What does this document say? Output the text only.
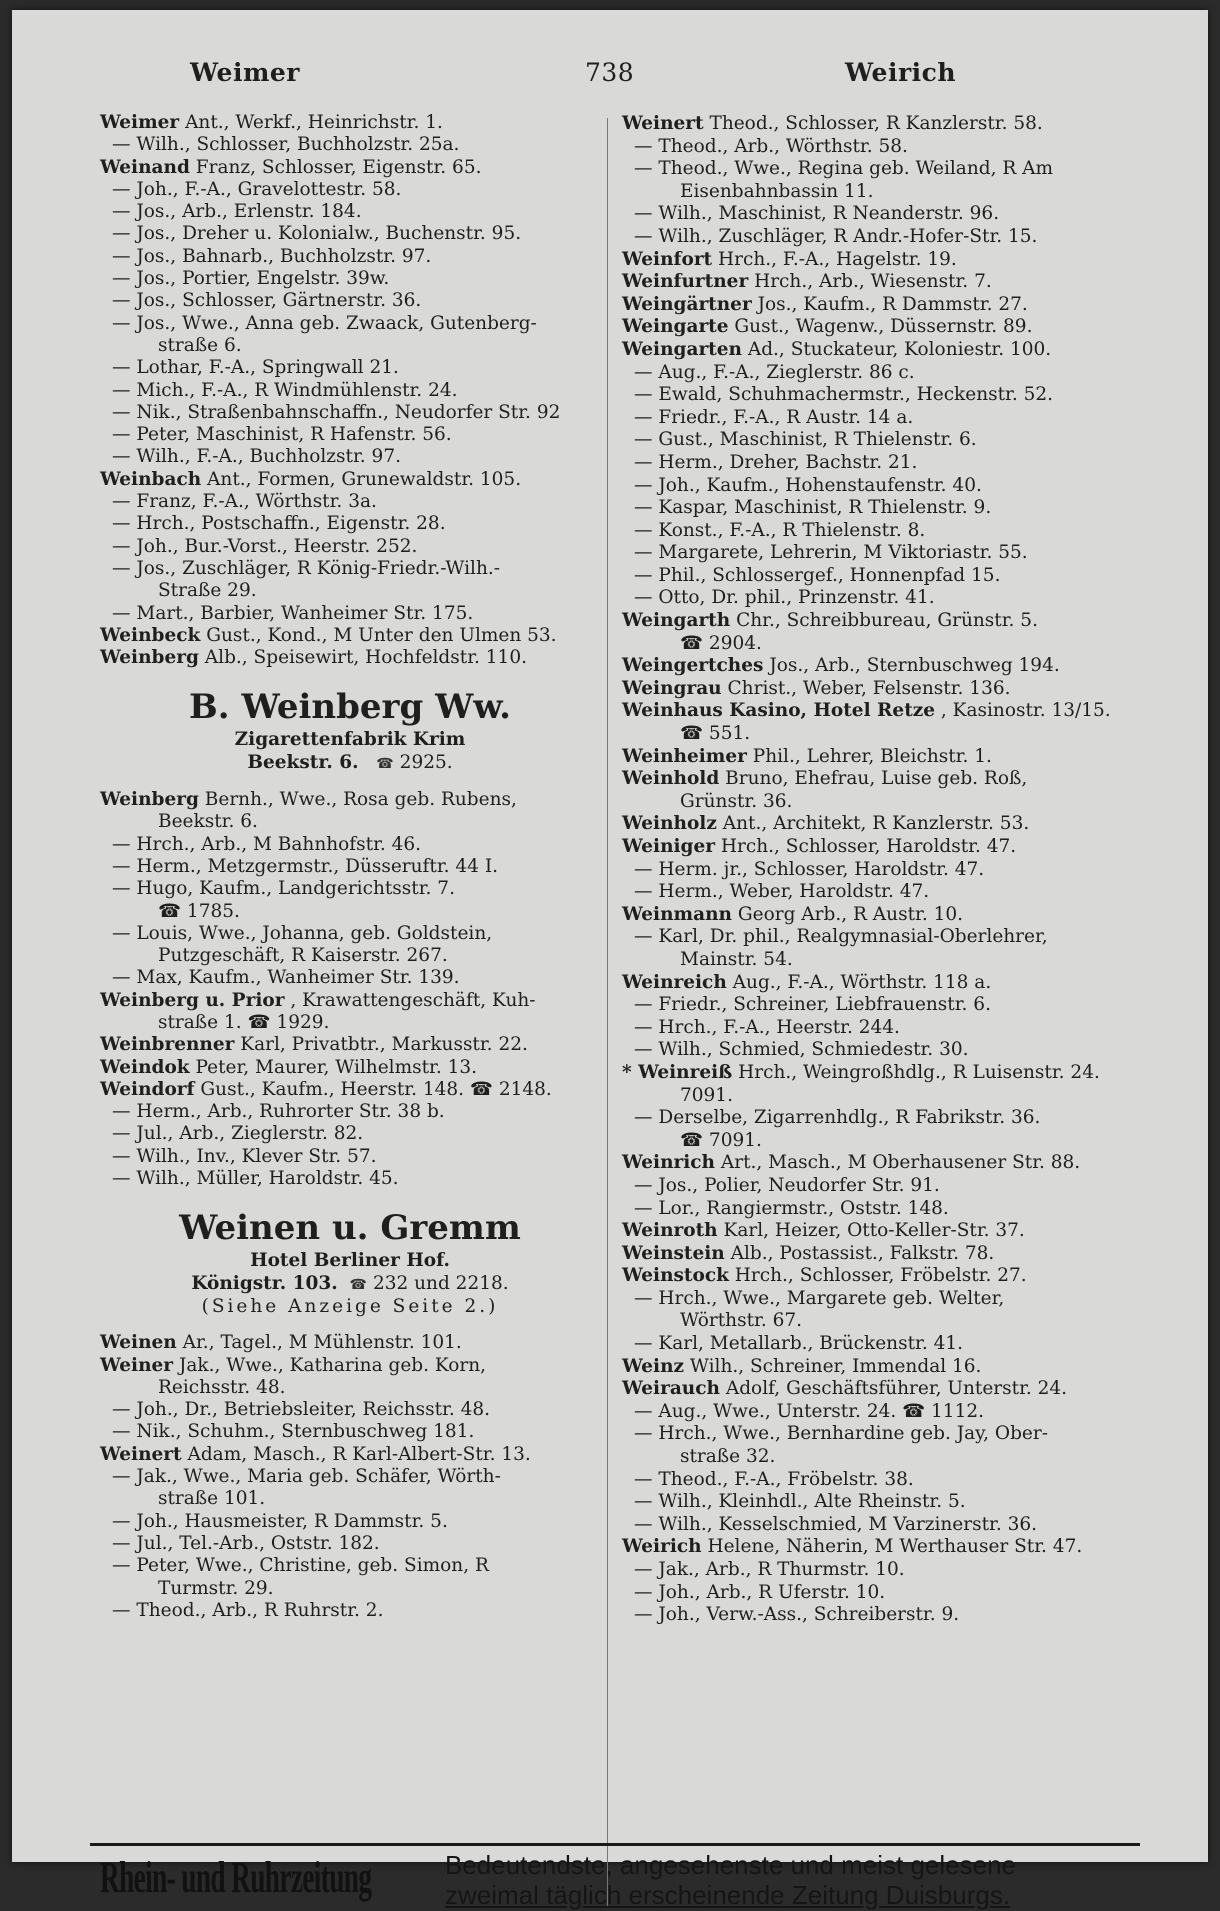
Weimer	738	Weirich
Weimer Ant., Werkf., Heinrichstr. 1.
— Wilh., Schlosser, Buchholzstr. 25a.
Weinand Franz, Schlosser, Eigenstr. 65.
— Joh., F.-A., Gravelottestr. 58.
— Jos., Arb., Erlenstr. 184.
— Jos., Dreher u. Kolonialw., Buchenstr. 95.
— Jos., Bahnarb., Buchholzstr. 97.
— Jos., Portier, Engelstr. 39w.
— Jos., Schlosser, Gärtnerstr. 36.
— Jos., Wwe., Anna geb. Zwaack, Gutenberg-
straße 6.
— Lothar, F.-A., Springwall 21.
— Mich., F.-A., R Windmühlenstr. 24.
— Nik., Straßenbahnschaffn., Neudorfer Str. 92
— Peter, Maschinist, R Hafenstr. 56.
— Wilh., F.-A., Buchholzstr. 97.
Weinbach Ant., Formen, Grunewaldstr. 105.
— Franz, F.-A., Wörthstr. 3a.
— Hrch., Postschaffn., Eigenstr. 28.
— Joh., Bur.-Vorst., Heerstr. 252.
— Jos., Zuschläger, R König-Friedr.-Wilh.-
Straße 29.
— Mart., Barbier, Wanheimer Str. 175.
Weinbeck Gust., Kond., M Unter den Ulmen 53.
Weinberg Alb., Speisewirt, Hochfeldstr. 110.
B. Weinberg Ww.
Zigarettenfabrik Krim
Beekstr. 6. ☎ 2925.
Weinberg Bernh., Wwe., Rosa geb. Rubens,
Beekstr. 6.
— Hrch., Arb., M Bahnhofstr. 46.
— Herm., Metzgermstr., Düsseruftr. 44 I.
— Hugo, Kaufm., Landgerichtsstr. 7.
☎ 1785.
— Louis, Wwe., Johanna, geb. Goldstein,
Putzgeschäft, R Kaiserstr. 267.
— Max, Kaufm., Wanheimer Str. 139.
Weinberg u. Prior , Krawattengeschäft, Kuh-
straße 1. ☎ 1929.
Weinbrenner Karl, Privatbtr., Markusstr. 22.
Weindok Peter, Maurer, Wilhelmstr. 13.
Weindorf Gust., Kaufm., Heerstr. 148. ☎ 2148.
— Herm., Arb., Ruhrorter Str. 38 b.
— Jul., Arb., Zieglerstr. 82.
— Wilh., Inv., Klever Str. 57.
— Wilh., Müller, Haroldstr. 45.
Weinen u. Gremm
Hotel Berliner Hof.
Königstr. 103. ☎ 232 und 2218.
(Siehe Anzeige Seite 2.)
Weinen Ar., Tagel., M Mühlenstr. 101.
Weiner Jak., Wwe., Katharina geb. Korn,
Reichsstr. 48.
— Joh., Dr., Betriebsleiter, Reichsstr. 48.
— Nik., Schuhm., Sternbuschweg 181.
Weinert Adam, Masch., R Karl-Albert-Str. 13.
— Jak., Wwe., Maria geb. Schäfer, Wörth-
straße 101.
— Joh., Hausmeister, R Dammstr. 5.
— Jul., Tel.-Arb., Oststr. 182.
— Peter, Wwe., Christine, geb. Simon, R
Turmstr. 29.
— Theod., Arb., R Ruhrstr. 2.
Weinert Theod., Schlosser, R Kanzlerstr. 58.
— Theod., Arb., Wörthstr. 58.
— Theod., Wwe., Regina geb. Weiland, R Am
Eisenbahnbassin 11.
— Wilh., Maschinist, R Neanderstr. 96.
— Wilh., Zuschläger, R Andr.-Hofer-Str. 15.
Weinfort Hrch., F.-A., Hagelstr. 19.
Weinfurtner Hrch., Arb., Wiesenstr. 7.
Weingärtner Jos., Kaufm., R Dammstr. 27.
Weingarte Gust., Wagenw., Düssernstr. 89.
Weingarten Ad., Stuckateur, Koloniestr. 100.
— Aug., F.-A., Zieglerstr. 86 c.
— Ewald, Schuhmachermstr., Heckenstr. 52.
— Friedr., F.-A., R Austr. 14 a.
— Gust., Maschinist, R Thielenstr. 6.
— Herm., Dreher, Bachstr. 21.
— Joh., Kaufm., Hohenstaufenstr. 40.
— Kaspar, Maschinist, R Thielenstr. 9.
— Konst., F.-A., R Thielenstr. 8.
— Margarete, Lehrerin, M Viktoriastr. 55.
— Phil., Schlossergef., Honnenpfad 15.
— Otto, Dr. phil., Prinzenstr. 41.
Weingarth Chr., Schreibbureau, Grünstr. 5.
☎ 2904.
Weingertches Jos., Arb., Sternbuschweg 194.
Weingrau Christ., Weber, Felsenstr. 136.
Weinhaus Kasino, Hotel Retze , Kasinostr. 13/15.
☎ 551.
Weinheimer Phil., Lehrer, Bleichstr. 1.
Weinhold Bruno, Ehefrau, Luise geb. Roß,
Grünstr. 36.
Weinholz Ant., Architekt, R Kanzlerstr. 53.
Weiniger Hrch., Schlosser, Haroldstr. 47.
— Herm. jr., Schlosser, Haroldstr. 47.
— Herm., Weber, Haroldstr. 47.
Weinmann Georg Arb., R Austr. 10.
— Karl, Dr. phil., Realgymnasial-Oberlehrer,
Mainstr. 54.
Weinreich Aug., F.-A., Wörthstr. 118 a.
— Friedr., Schreiner, Liebfrauenstr. 6.
— Hrch., F.-A., Heerstr. 244.
— Wilh., Schmied, Schmiedestr. 30.
* Weinreiß Hrch., Weingroßhdlg., R Luisenstr. 24.
7091.
— Derselbe, Zigarrenhdlg., R Fabrikstr. 36.
☎ 7091.
Weinrich Art., Masch., M Oberhausener Str. 88.
— Jos., Polier, Neudorfer Str. 91.
— Lor., Rangiermstr., Oststr. 148.
Weinroth Karl, Heizer, Otto-Keller-Str. 37.
Weinstein Alb., Postassist., Falkstr. 78.
Weinstock Hrch., Schlosser, Fröbelstr. 27.
— Hrch., Wwe., Margarete geb. Welter,
Wörthstr. 67.
— Karl, Metallarb., Brückenstr. 41.
Weinz Wilh., Schreiner, Immendal 16.
Weirauch Adolf, Geschäftsführer, Unterstr. 24.
— Aug., Wwe., Unterstr. 24. ☎ 1112.
— Hrch., Wwe., Bernhardine geb. Jay, Ober-
straße 32.
— Theod., F.-A., Fröbelstr. 38.
— Wilh., Kleinhdl., Alte Rheinstr. 5.
— Wilh., Kesselschmied, M Varzinerstr. 36.
Weirich Helene, Näherin, M Werthauser Str. 47.
— Jak., Arb., R Thurmstr. 10.
— Joh., Arb., R Uferstr. 10.
— Joh., Verw.-Ass., Schreiberstr. 9.
Rhein- und Ruhrzeitung	Bedeutendste, angesehenste und meist gelesene
zweimal täglich erscheinende Zeitung Duisburgs.
